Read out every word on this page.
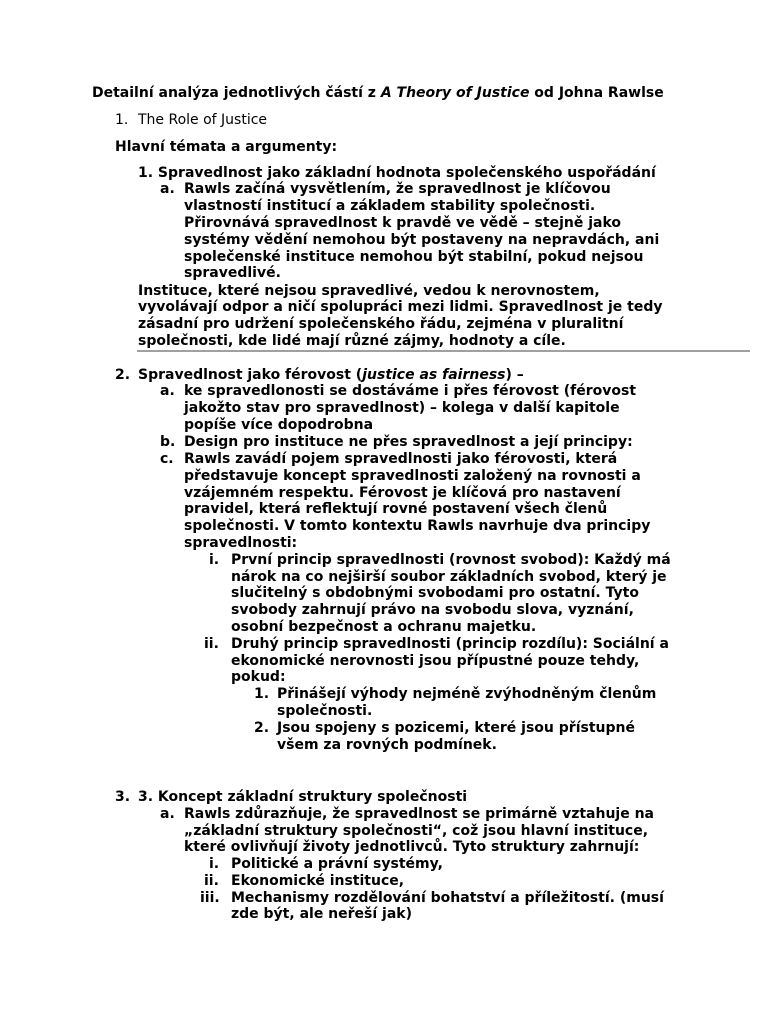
Detailní analýza jednotlivých částí z A Theory of Justice od Johna Rawlse
1. The Role of Justice
Hlavní témata a argumenty:
1. Spravedlnost jako základní hodnota společenského uspořádání
a. Rawls začíná vysvětlením, že spravedlnost je klíčovou
vlastností institucí a základem stability společnosti.
Přirovnává spravedlnost k pravdě ve vědě – stejně jako
systémy vědění nemohou být postaveny na nepravdách, ani
společenské instituce nemohou být stabilní, pokud nejsou
spravedlivé.
Instituce, které nejsou spravedlivé, vedou k nerovnostem,
vyvolávají odpor a ničí spolupráci mezi lidmi. Spravedlnost je tedy
zásadní pro udržení společenského řádu, zejména v pluralitní
společnosti, kde lidé mají různé zájmy, hodnoty a cíle.
2. Spravedlnost jako férovost (justice as fairness) –
a. ke spravedlonosti se dostáváme i přes férovost (férovost
jakožto stav pro spravedlnost) – kolega v další kapitole
popíše více dopodrobna
b. Design pro instituce ne přes spravedlnost a její principy:
c. Rawls zavádí pojem spravedlnosti jako férovosti, která
představuje koncept spravedlnosti založený na rovnosti a
vzájemném respektu. Férovost je klíčová pro nastavení
pravidel, která reflektují rovné postavení všech členů
společnosti. V tomto kontextu Rawls navrhuje dva principy
spravedlnosti:
i. První princip spravedlnosti (rovnost svobod): Každý má
nárok na co nejširší soubor základních svobod, který je
slučitelný s obdobnými svobodami pro ostatní. Tyto
svobody zahrnují právo na svobodu slova, vyznání,
osobní bezpečnost a ochranu majetku.
ii. Druhý princip spravedlnosti (princip rozdílu): Sociální a
ekonomické nerovnosti jsou přípustné pouze tehdy,
pokud:
1. Přinášejí výhody nejméně zvýhodněným členům
společnosti.
2. Jsou spojeny s pozicemi, které jsou přístupné
všem za rovných podmínek.
3. 3. Koncept základní struktury společnosti
a. Rawls zdůrazňuje, že spravedlnost se primárně vztahuje na
„základní struktury společnosti“, což jsou hlavní instituce,
které ovlivňují životy jednotlivců. Tyto struktury zahrnují:
i. Politické a právní systémy,
ii. Ekonomické instituce,
iii. Mechanismy rozdělování bohatství a příležitostí. (musí
zde být, ale neřeší jak)
